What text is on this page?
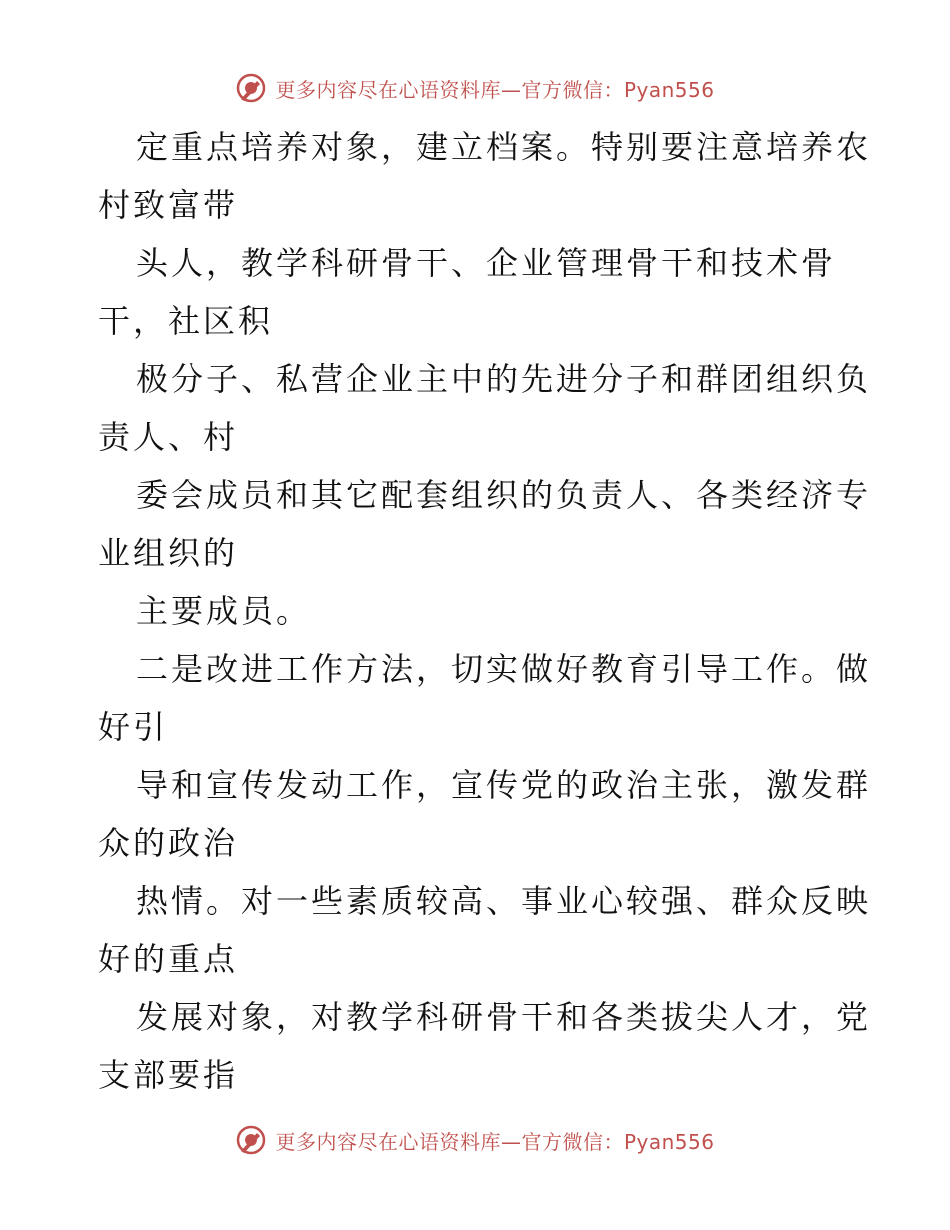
更多内容尽在心语资料库—官方微信：Pyan556

定重点培养对象，建立档案。特别要注意培养农
村致富带

头人，教学科研骨干、企业管理骨干和技术骨
干，社区积

极分子、私营企业主中的先进分子和群团组织负
责人、村

委会成员和其它配套组织的负责人、各类经济专
业组织的

主要成员。

二是改进工作方法，切实做好教育引导工作。做
好引

导和宣传发动工作，宣传党的政治主张，激发群
众的政治

热情。对一些素质较高、事业心较强、群众反映
好的重点

发展对象，对教学科研骨干和各类拔尖人才，党
支部要指

更多内容尽在心语资料库—官方微信：Pyan556
